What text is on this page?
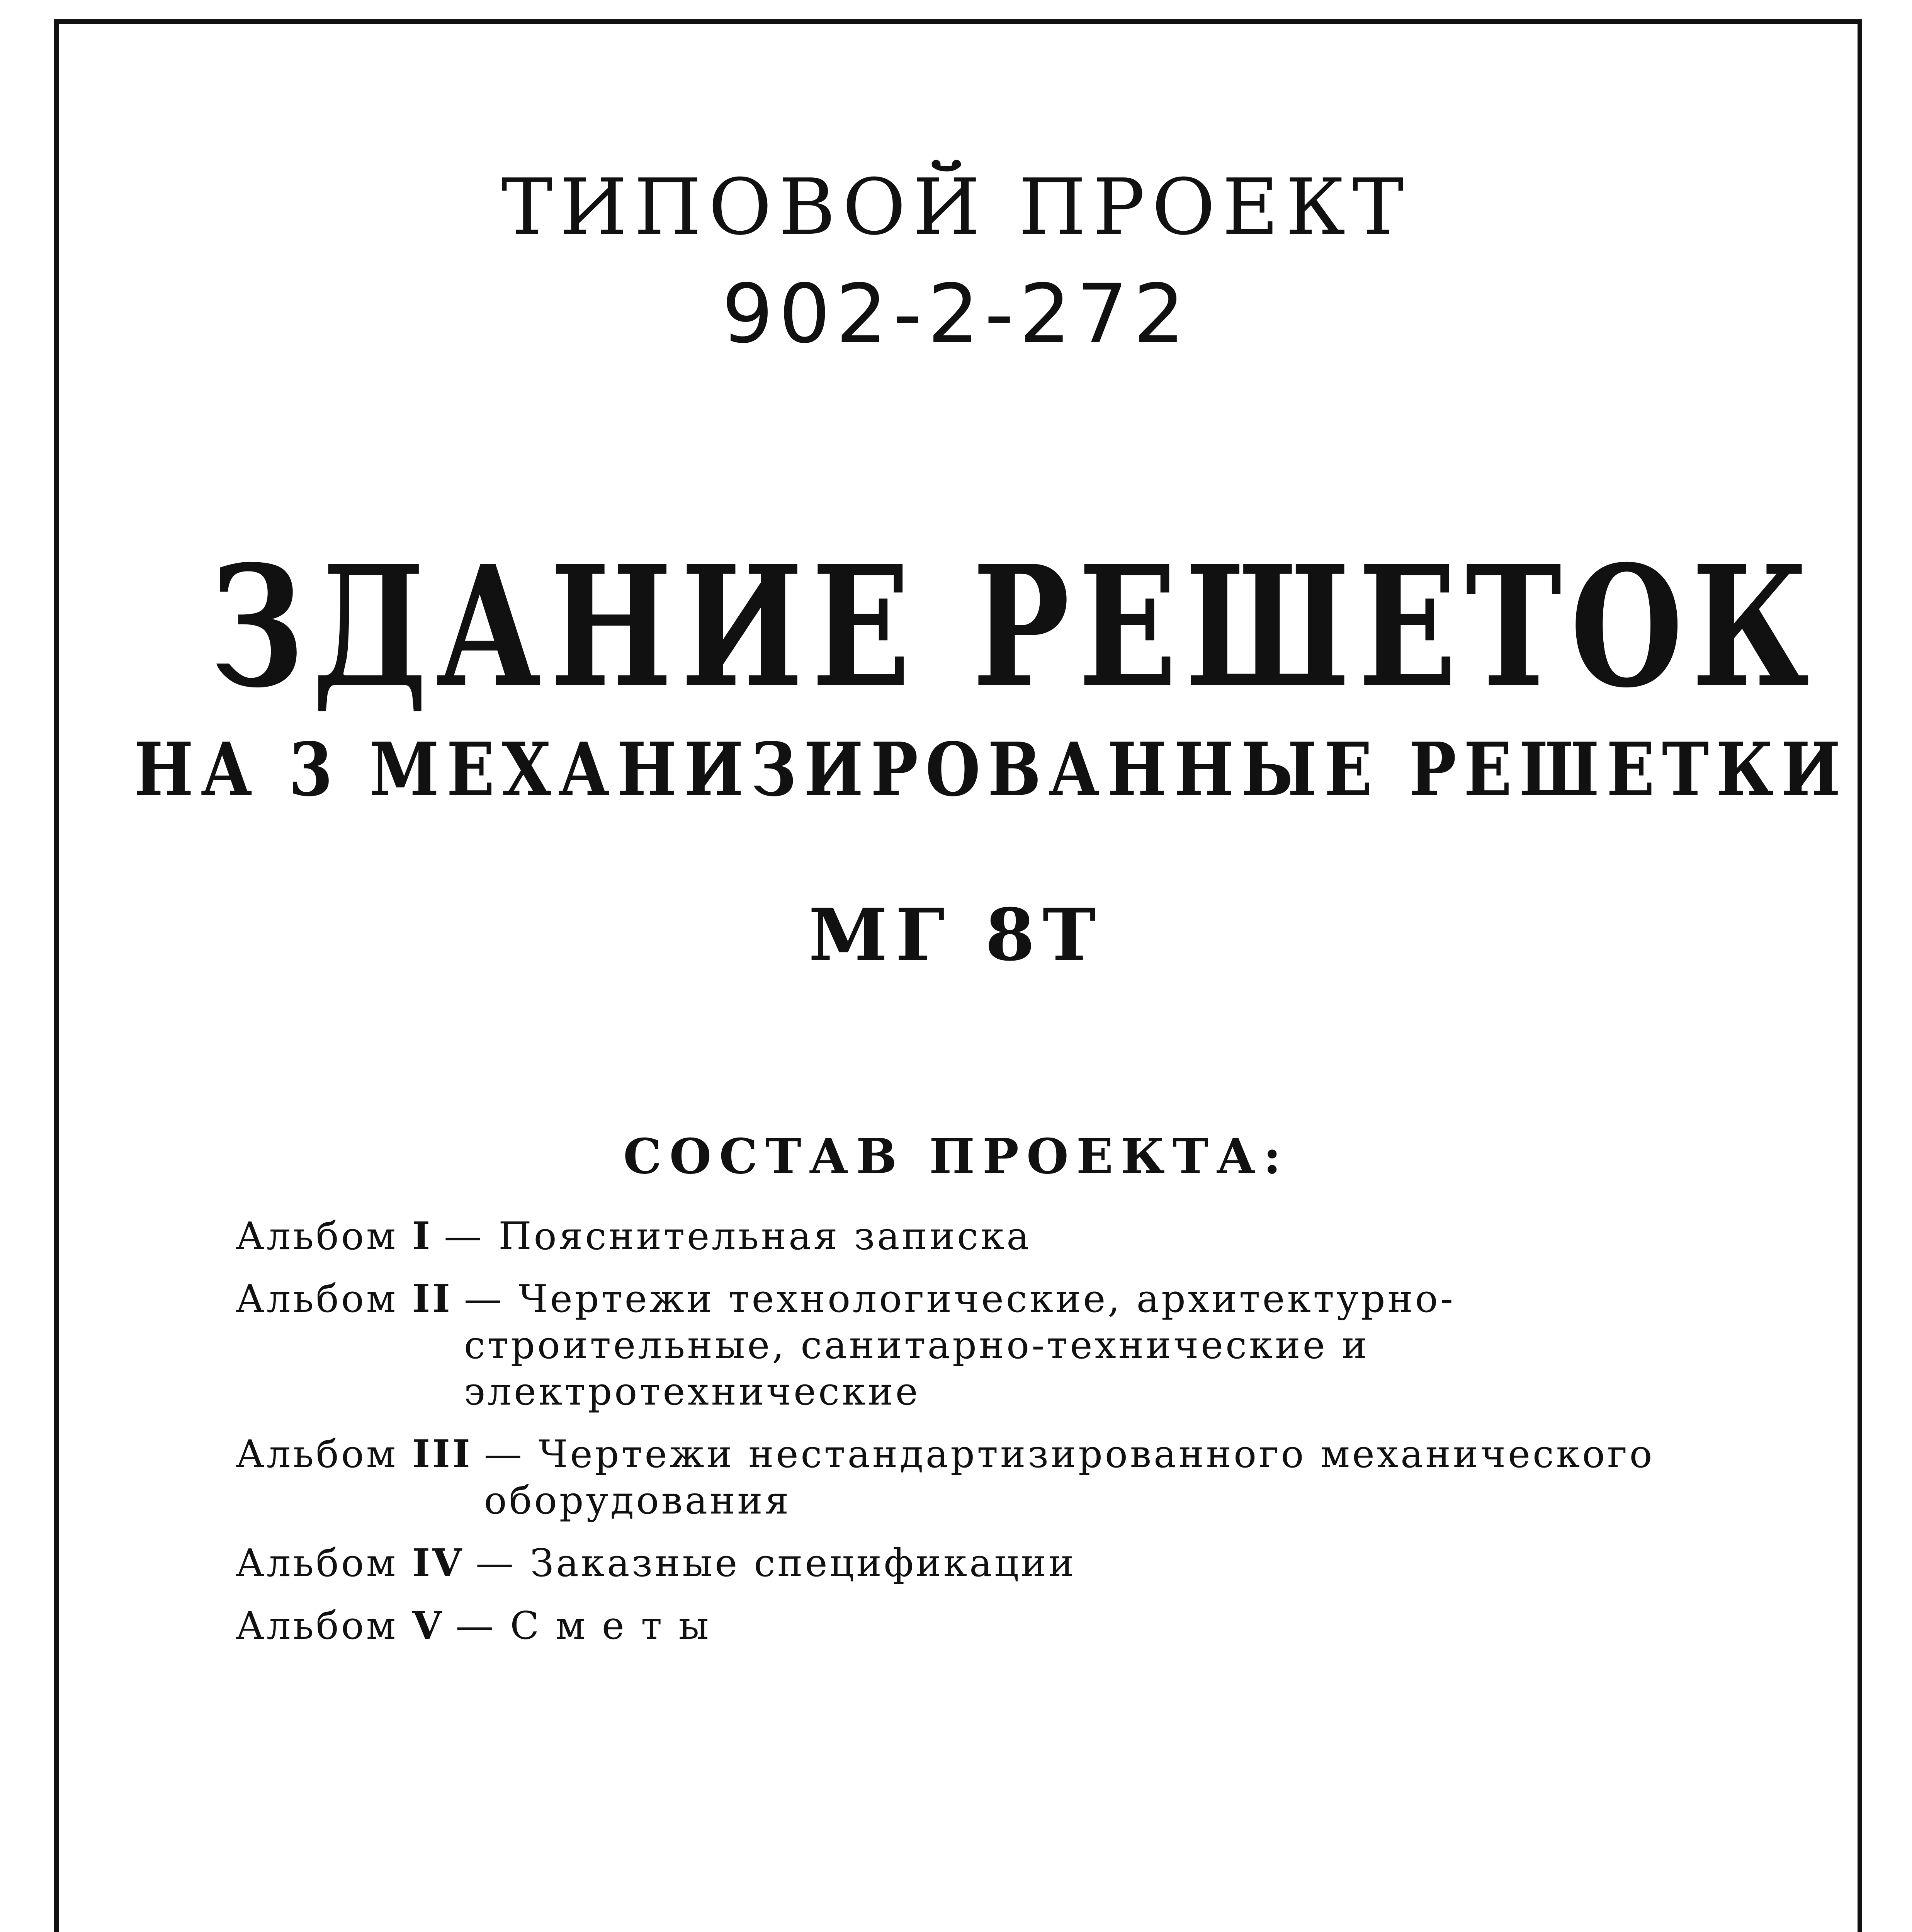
ТИПОВОЙ ПРОЕКТ
902-2-272
ЗДАНИЕ РЕШЕТОК
НА 3 МЕХАНИЗИРОВАННЫЕ РЕШЕТКИ
МГ 8Т
СОСТАВ ПРОЕКТА:
Альбом I — Пояснительная записка
Альбом II — Чертежи технологические, архитектурно-строительные, санитарно-технические и электротехнические
Альбом III — Чертежи нестандартизированного механического оборудования
Альбом IV — Заказные спецификации
Альбом V — С м е т ы
